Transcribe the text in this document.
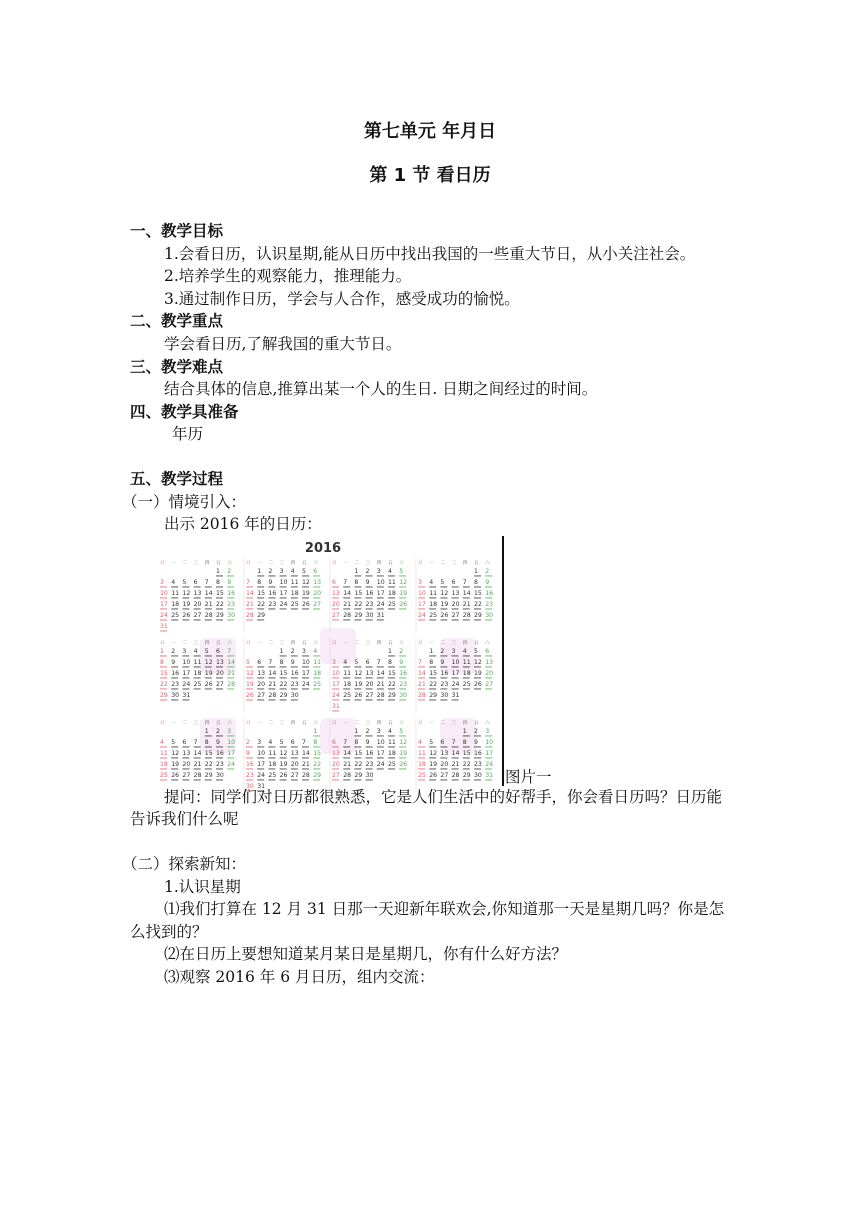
第七单元 年月日
第 1 节 看日历
一、教学目标
1.会看日历，认识星期,能从日历中找出我国的一些重大节日，从小关注社会。
2.培养学生的观察能力，推理能力。
3.通过制作日历，学会与人合作，感受成功的愉悦。
二、教学重点
学会看日历,了解我国的重大节日。
三、教学难点
结合具体的信息,推算出某一个人的生日. 日期之间经过的时间。
四、教学具准备
年历
五、教学过程
（一）情境引入：
出示 2016 年的日历：
2016
日 一 二 三 四 五 六
1 2
3 4 5 6 7 8 9
10 11 12 13 14 15 16
17 18 19 20 21 22 23
24 25 26 27 28 29 30
31
日 一 二 三 四 五 六
1 2 3 4 5 6
7 8 9 10 11 12 13
14 15 16 17 18 19 20
21 22 23 24 25 26 27
28 29
日 一 二 三 四 五 六
1 2 3 4 5
6 7 8 9 10 11 12
13 14 15 16 17 18 19
20 21 22 23 24 25 26
27 28 29 30 31
日 一 二 三 四 五 六
1 2
3 4 5 6 7 8 9
10 11 12 13 14 15 16
17 18 19 20 21 22 23
24 25 26 27 28 29 30
日 一 二 三 四 五 六
1 2 3 4 5 6 7
8 9 10 11 12 13 14
15 16 17 18 19 20 21
22 23 24 25 26 27 28
29 30 31
日 一 二 三 四 五 六
1 2 3 4
5 6 7 8 9 10 11
12 13 14 15 16 17 18
19 20 21 22 23 24 25
26 27 28 29 30
日 一 二 三 四 五 六
1 2
3 4 5 6 7 8 9
10 11 12 13 14 15 16
17 18 19 20 21 22 23
24 25 26 27 28 29 30
31
日 一 二 三 四 五 六
1 2 3 4 5 6
7 8 9 10 11 12 13
14 15 16 17 18 19 20
21 22 23 24 25 26 27
28 29 30 31
日 一 二 三 四 五 六
1 2 3
4 5 6 7 8 9 10
11 12 13 14 15 16 17
18 19 20 21 22 23 24
25 26 27 28 29 30
日 一 二 三 四 五 六
1
2 3 4 5 6 7 8
9 10 11 12 13 14 15
16 17 18 19 20 21 22
23 24 25 26 27 28 29
30 31
日 一 二 三 四 五 六
1 2 3 4 5
6 7 8 9 10 11 12
13 14 15 16 17 18 19
20 21 22 23 24 25 26
27 28 29 30
日 一 二 三 四 五 六
1 2 3
4 5 6 7 8 9 10
11 12 13 14 15 16 17
18 19 20 21 22 23 24
25 26 27 28 29 30 31 图片一
提问：同学们对日历都很熟悉，它是人们生活中的好帮手，你会看日历吗？日历能告诉我们什么呢
（二）探索新知：
1.认识星期
⑴我们打算在 12 月 31 日那一天迎新年联欢会,你知道那一天是星期几吗？你是怎么找到的？
⑵在日历上要想知道某月某日是星期几，你有什么好方法？
⑶观察 2016 年 6 月日历，组内交流：
